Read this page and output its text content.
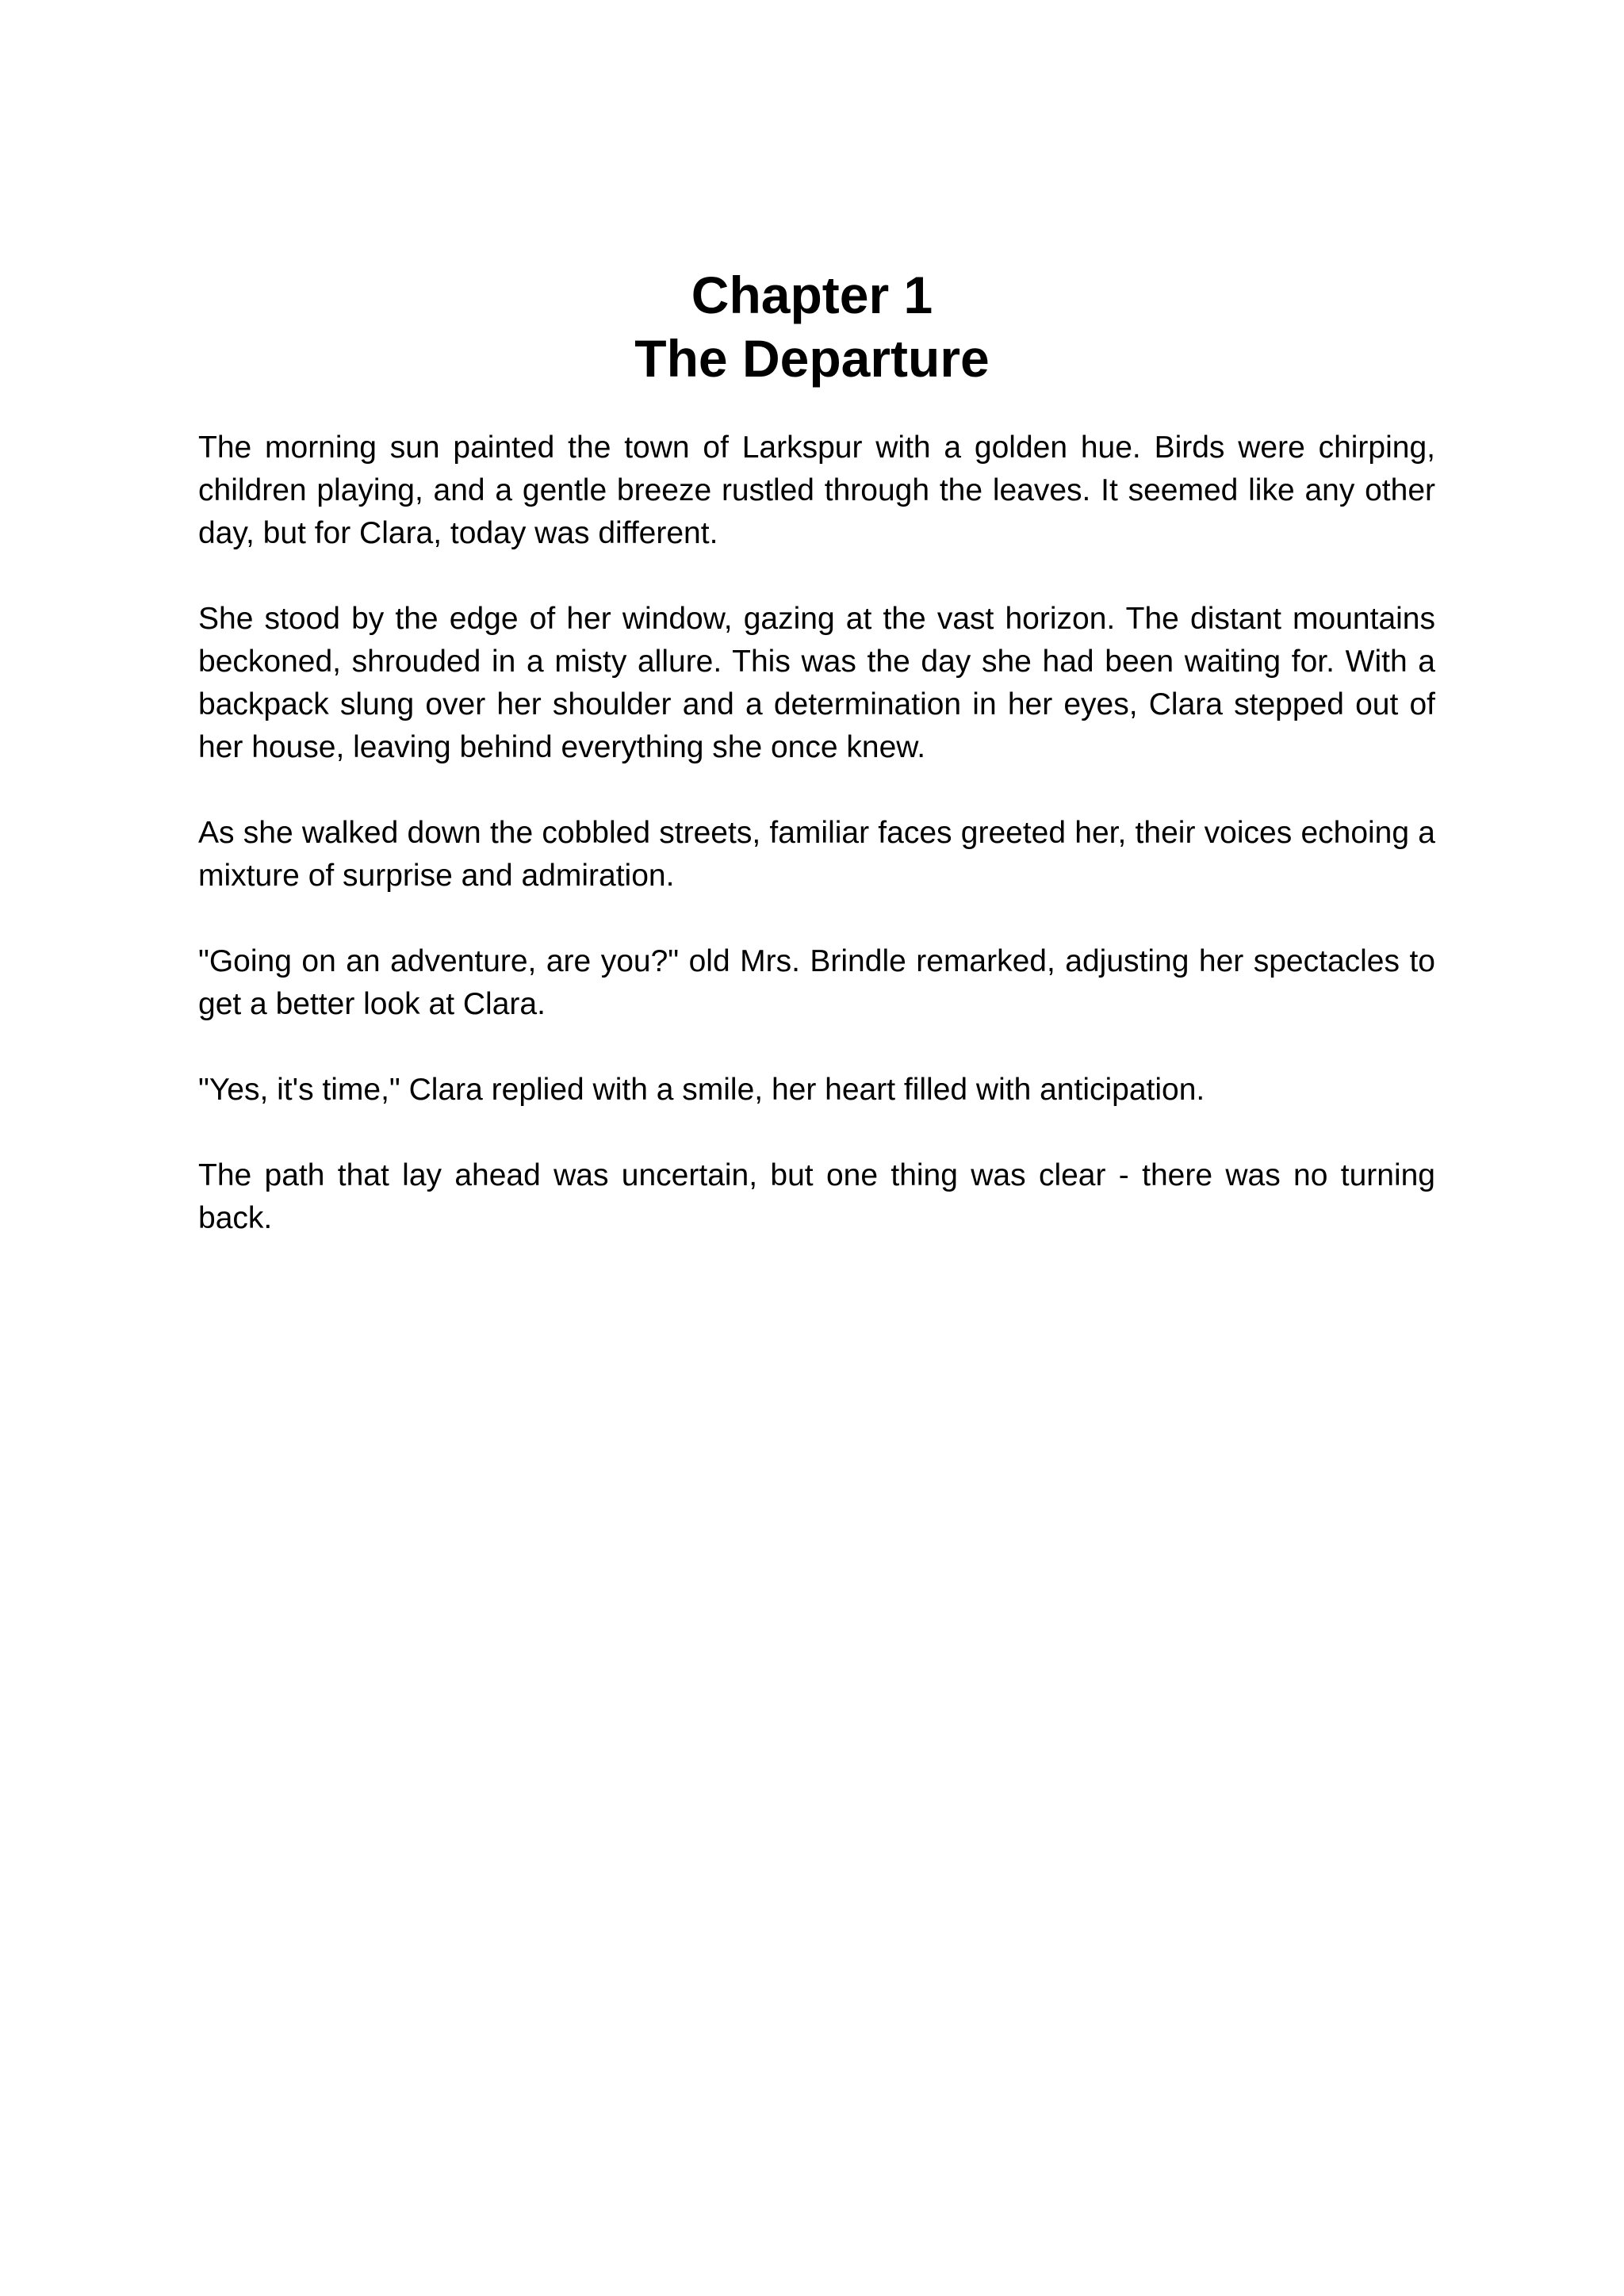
Chapter 1
The Departure

The morning sun painted the town of Larkspur with a golden hue. Birds were chirping, children playing, and a gentle breeze rustled through the leaves. It seemed like any other day, but for Clara, today was different.

She stood by the edge of her window, gazing at the vast horizon. The distant mountains beckoned, shrouded in a misty allure. This was the day she had been waiting for. With a backpack slung over her shoulder and a determination in her eyes, Clara stepped out of her house, leaving behind everything she once knew.

As she walked down the cobbled streets, familiar faces greeted her, their voices echoing a mixture of surprise and admiration.

"Going on an adventure, are you?" old Mrs. Brindle remarked, adjusting her spectacles to get a better look at Clara.

"Yes, it's time," Clara replied with a smile, her heart filled with anticipation.

The path that lay ahead was uncertain, but one thing was clear - there was no turning back.
